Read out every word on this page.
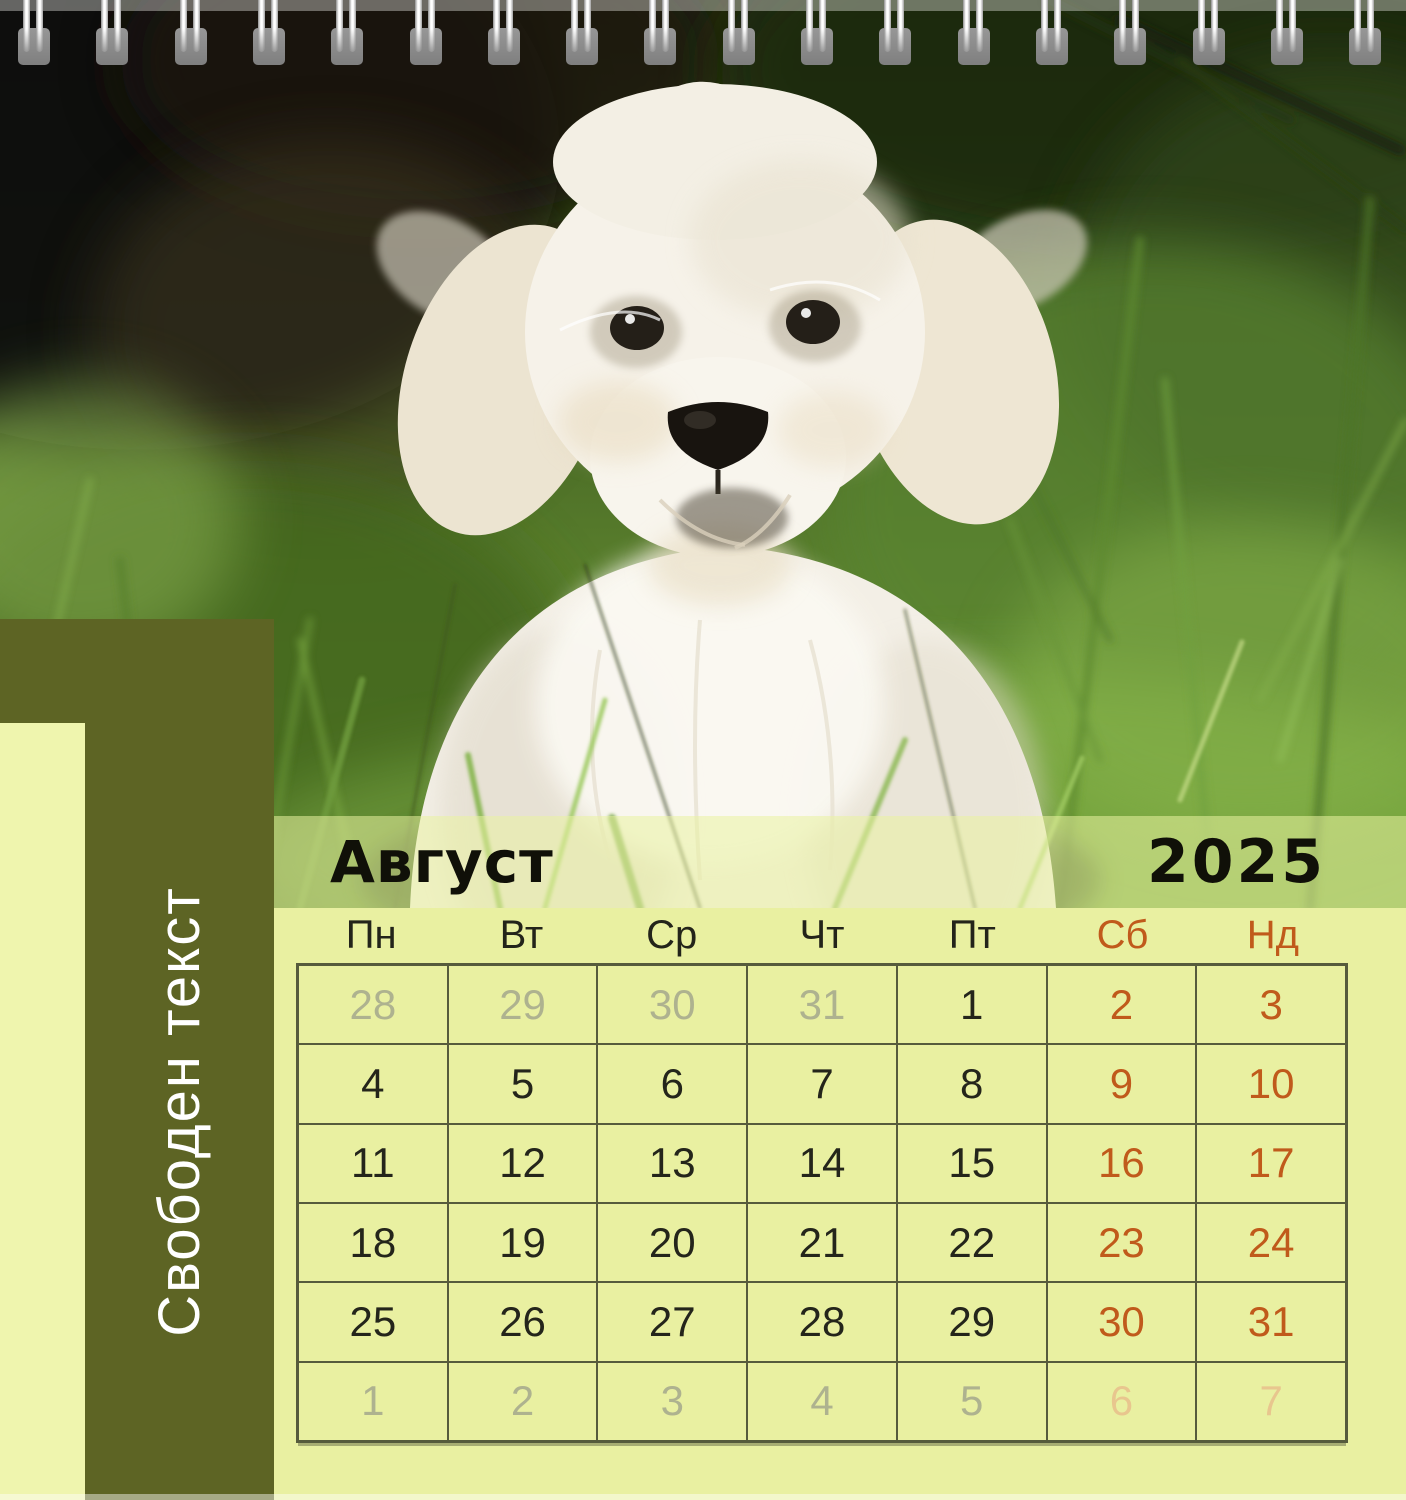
Свободен текст
Август	2025
Пн	Вт	Ср	Чт	Пт	Сб	Нд
28	29	30	31	1	2	3
4	5	6	7	8	9	10
11	12	13	14	15	16	17
18	19	20	21	22	23	24
25	26	27	28	29	30	31
1	2	3	4	5	6	7
